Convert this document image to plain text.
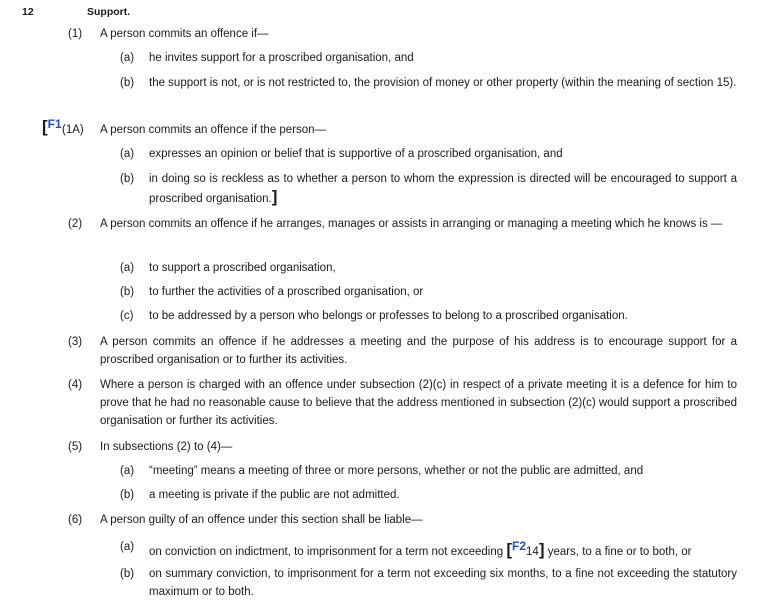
12	Support.
(1) A person commits an offence if—
(a) he invites support for a proscribed organisation, and
(b) the support is not, or is not restricted to, the provision of money or other property (within the meaning of section 15).
[F1 (1A) A person commits an offence if the person—
(a) expresses an opinion or belief that is supportive of a proscribed organisation, and
(b) in doing so is reckless as to whether a person to whom the expression is directed will be encouraged to support a proscribed organisation.]
(2) A person commits an offence if he arranges, manages or assists in arranging or managing a meeting which he knows is —
(a) to support a proscribed organisation,
(b) to further the activities of a proscribed organisation, or
(c) to be addressed by a person who belongs or professes to belong to a proscribed organisation.
(3) A person commits an offence if he addresses a meeting and the purpose of his address is to encourage support for a proscribed organisation or to further its activities.
(4) Where a person is charged with an offence under subsection (2)(c) in respect of a private meeting it is a defence for him to prove that he had no reasonable cause to believe that the address mentioned in subsection (2)(c) would support a proscribed organisation or further its activities.
(5) In subsections (2) to (4)—
(a) “meeting” means a meeting of three or more persons, whether or not the public are admitted, and
(b) a meeting is private if the public are not admitted.
(6) A person guilty of an offence under this section shall be liable—
(a) on conviction on indictment, to imprisonment for a term not exceeding [F214] years, to a fine or to both, or
(b) on summary conviction, to imprisonment for a term not exceeding six months, to a fine not exceeding the statutory maximum or to both.
